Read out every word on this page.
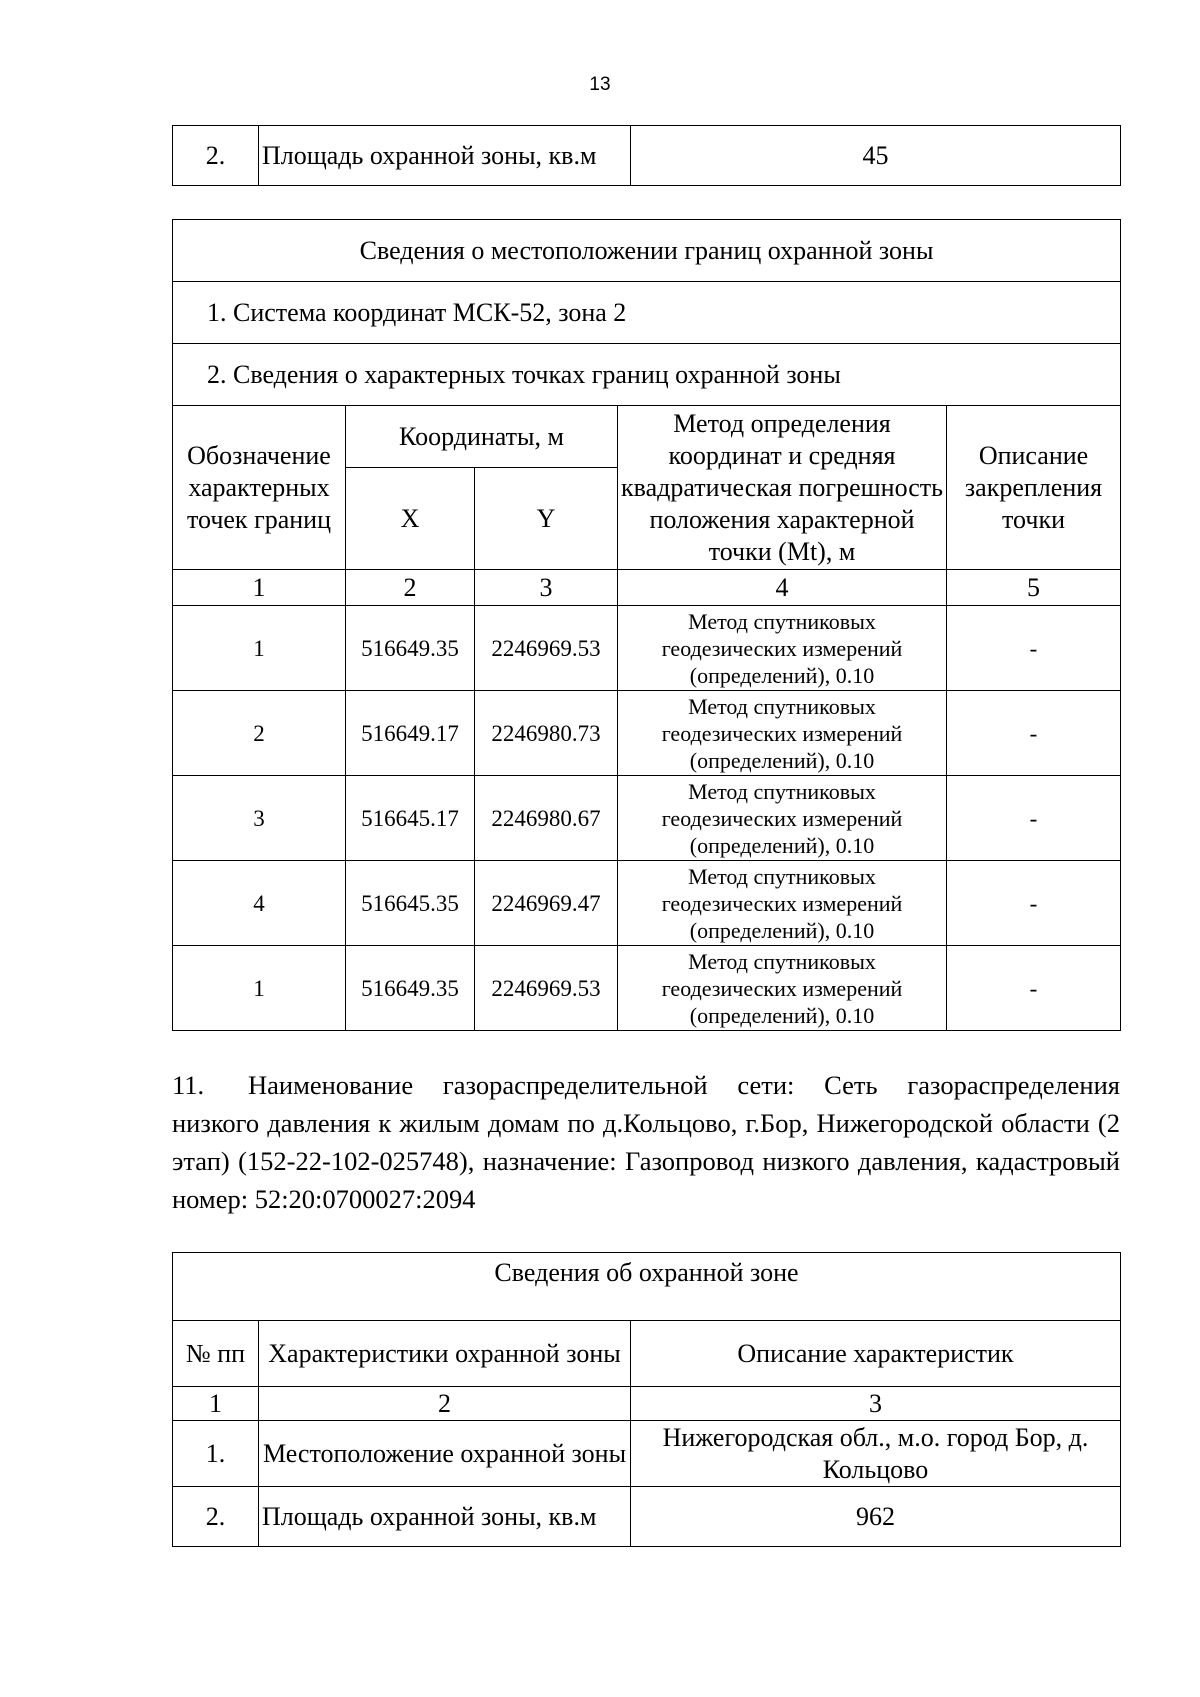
13
2.	Площадь охранной зоны, кв.м	45
Сведения о местоположении границ охранной зоны				
1. Система координат МСК-52, зона 2				
2. Сведения о характерных точках границ охранной зоны				
Обозначение характерных точек границ	Координаты, м		Метод определения координат и средняя квадратическая погрешность положения характерной точки (Mt), м	Описание закрепления точки
	X	Y		
1	2	3	4	5
1	516649.35	2246969.53	Метод спутниковых геодезических измерений (определений), 0.10	-
2	516649.17	2246980.73	Метод спутниковых геодезических измерений (определений), 0.10	-
3	516645.17	2246980.67	Метод спутниковых геодезических измерений (определений), 0.10	-
4	516645.35	2246969.47	Метод спутниковых геодезических измерений (определений), 0.10	-
1	516649.35	2246969.53	Метод спутниковых геодезических измерений (определений), 0.10	-
11. Наименование газораспределительной сети: Сеть газораспределения низкого давления к жилым домам по д.Кольцово, г.Бор, Нижегородской области (2 этап) (152-22-102-025748), назначение: Газопровод низкого давления, кадастровый номер: 52:20:0700027:2094
Сведения об охранной зоне		
№ пп	Характеристики охранной зоны	Описание характеристик
1	2	3
1.	Местоположение охранной зоны	Нижегородская обл., м.о. город Бор, д. Кольцово
2.	Площадь охранной зоны, кв.м	962
